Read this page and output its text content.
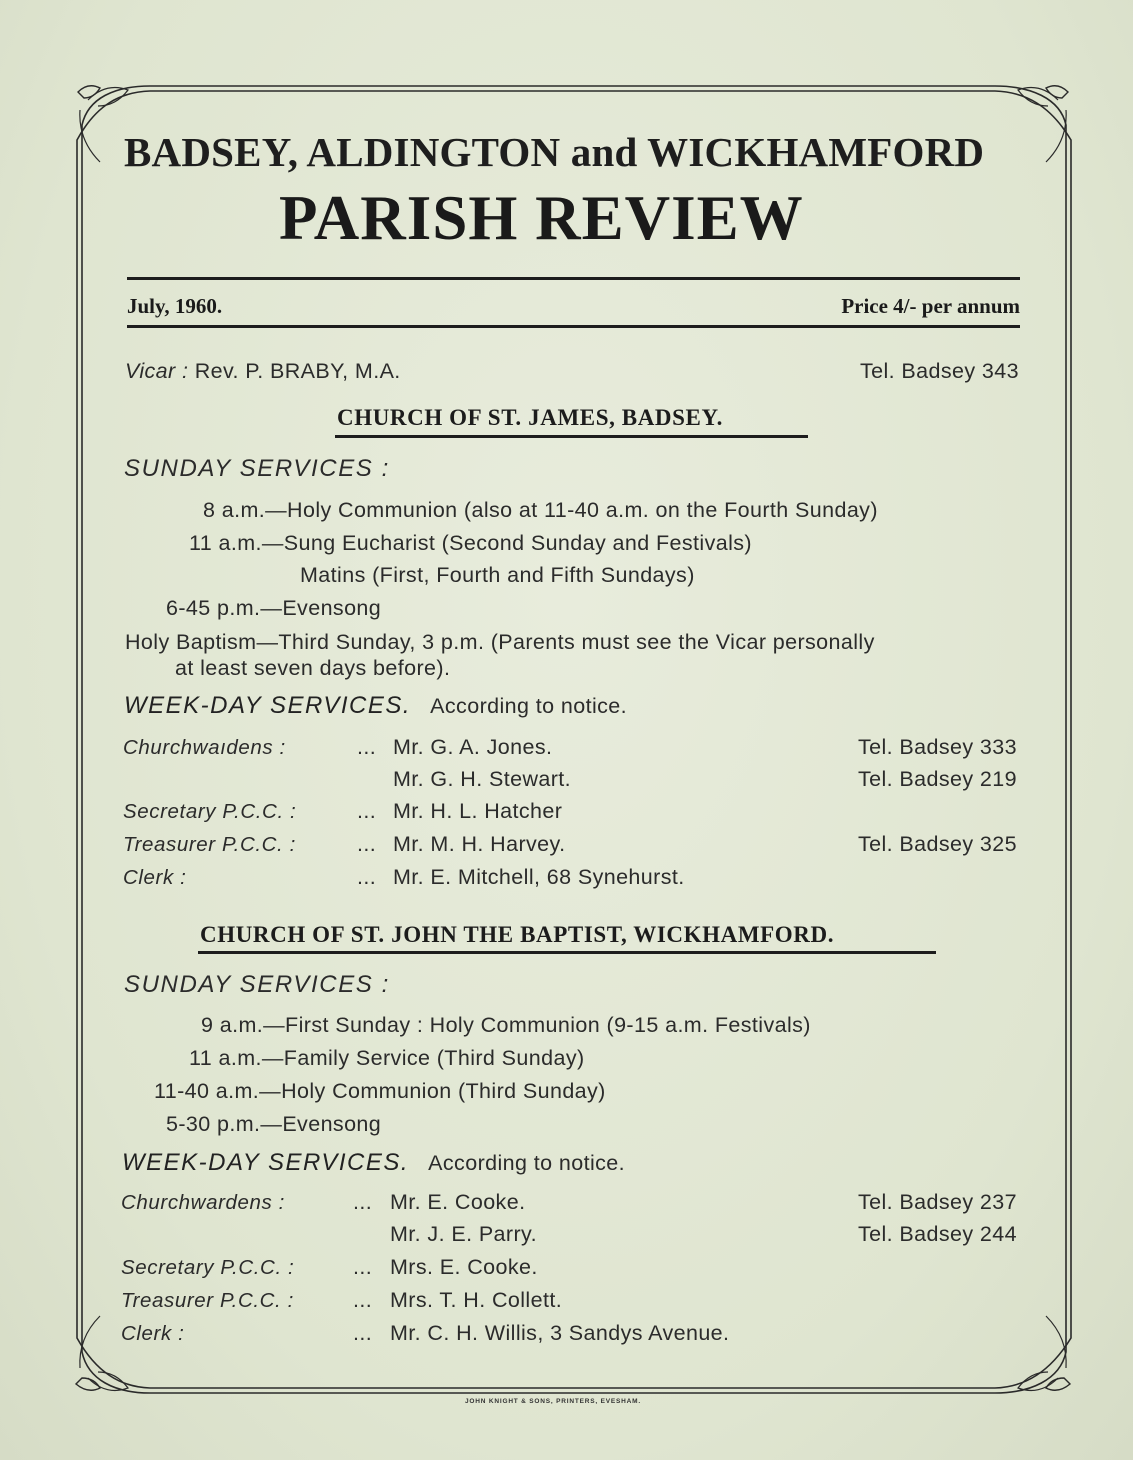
BADSEY, ALDINGTON and WICKHAMFORD
PARISH REVIEW
July, 1960.	Price 4/- per annum
Vicar : Rev. P. BRABY, M.A.	Tel. Badsey 343
CHURCH OF ST. JAMES, BADSEY.
SUNDAY SERVICES :
8 a.m.—Holy Communion (also at 11-40 a.m. on the Fourth Sunday)
11 a.m.—Sung Eucharist (Second Sunday and Festivals)
Matins (First, Fourth and Fifth Sundays)
6-45 p.m.—Evensong
Holy Baptism—Third Sunday, 3 p.m. (Parents must see the Vicar personally
at least seven days before).
WEEK-DAY SERVICES. According to notice.
Churchwaıdens :	... Mr. G. A. Jones.	Tel. Badsey 333
Mr. G. H. Stewart.	Tel. Badsey 219
Secretary P.C.C. :	... Mr. H. L. Hatcher
Treasurer P.C.C. :	... Mr. M. H. Harvey.	Tel. Badsey 325
Clerk :	... Mr. E. Mitchell, 68 Synehurst.
CHURCH OF ST. JOHN THE BAPTIST, WICKHAMFORD.
SUNDAY SERVICES :
9 a.m.—First Sunday : Holy Communion (9-15 a.m. Festivals)
11 a.m.—Family Service (Third Sunday)
11-40 a.m.—Holy Communion (Third Sunday)
5-30 p.m.—Evensong
WEEK-DAY SERVICES. According to notice.
Churchwardens :	... Mr. E. Cooke.	Tel. Badsey 237
Mr. J. E. Parry.	Tel. Badsey 244
Secretary P.C.C. :	... Mrs. E. Cooke.
Treasurer P.C.C. :	... Mrs. T. H. Collett.
Clerk :	... Mr. C. H. Willis, 3 Sandys Avenue.
JOHN KNIGHT & SONS, PRINTERS, EVESHAM.
